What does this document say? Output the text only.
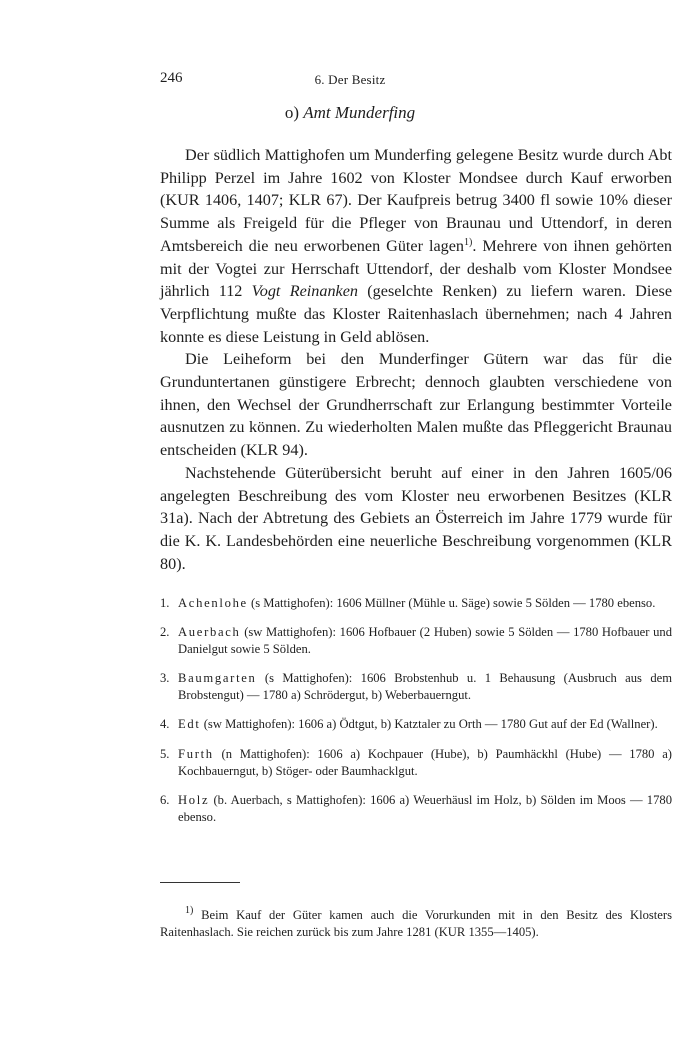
246	6. Der Besitz
o) Amt Munderfing

Der südlich Mattighofen um Munderfing gelegene Besitz wurde durch Abt Philipp Perzel im Jahre 1602 von Kloster Mondsee durch Kauf erworben (KUR 1406, 1407; KLR 67). Der Kaufpreis betrug 3400 fl sowie 10% dieser Summe als Freigeld für die Pfleger von Braunau und Uttendorf, in deren Amtsbereich die neu erworbenen Güter lagen$^{1)}$. Mehrere von ihnen gehörten mit der Vogtei zur Herrschaft Uttendorf, der deshalb vom Kloster Mondsee jährlich 112 Vogt Reinanken (geselchte Renken) zu liefern waren. Diese Verpflichtung mußte das Kloster Raitenhaslach übernehmen; nach 4 Jahren konnte es diese Leistung in Geld ablösen.

Die Leiheform bei den Munderfinger Gütern war das für die Grunduntertanen günstigere Erbrecht; dennoch glaubten verschiedene von ihnen, den Wechsel der Grundherrschaft zur Erlangung bestimmter Vorteile ausnutzen zu können. Zu wiederholten Malen mußte das Pfleggericht Braunau entscheiden (KLR 94).

Nachstehende Güterübersicht beruht auf einer in den Jahren 1605/06 angelegten Beschreibung des vom Kloster neu erworbenen Besitzes (KLR 31a). Nach der Abtretung des Gebiets an Österreich im Jahre 1779 wurde für die K. K. Landesbehörden eine neuerliche Beschreibung vorgenommen (KLR 80).

1. Achenlohe (s Mattighofen): 1606 Müllner (Mühle u. Säge) sowie 5 Sölden — 1780 ebenso.
2. Auerbach (sw Mattighofen): 1606 Hofbauer (2 Huben) sowie 5 Sölden — 1780 Hofbauer und Danielgut sowie 5 Sölden.
3. Baumgarten (s Mattighofen): 1606 Brobstenhub u. 1 Behausung (Ausbruch aus dem Brobstengut) — 1780 a) Schrödergut, b) Weberbauerngut.
4. Edt (sw Mattighofen): 1606 a) Ödtgut, b) Katztaler zu Orth — 1780 Gut auf der Ed (Wallner).
5. Furth (n Mattighofen): 1606 a) Kochpauer (Hube), b) Paumhäckhl (Hube) — 1780 a) Kochbauerngut, b) Stöger- oder Baumhacklgut.
6. Holz (b. Auerbach, s Mattighofen): 1606 a) Weuerhäusl im Holz, b) Sölden im Moos — 1780 ebenso.
$^{1)}$ Beim Kauf der Güter kamen auch die Vorurkunden mit in den Besitz des Klosters Raitenhaslach. Sie reichen zurück bis zum Jahre 1281 (KUR 1355—1405).
